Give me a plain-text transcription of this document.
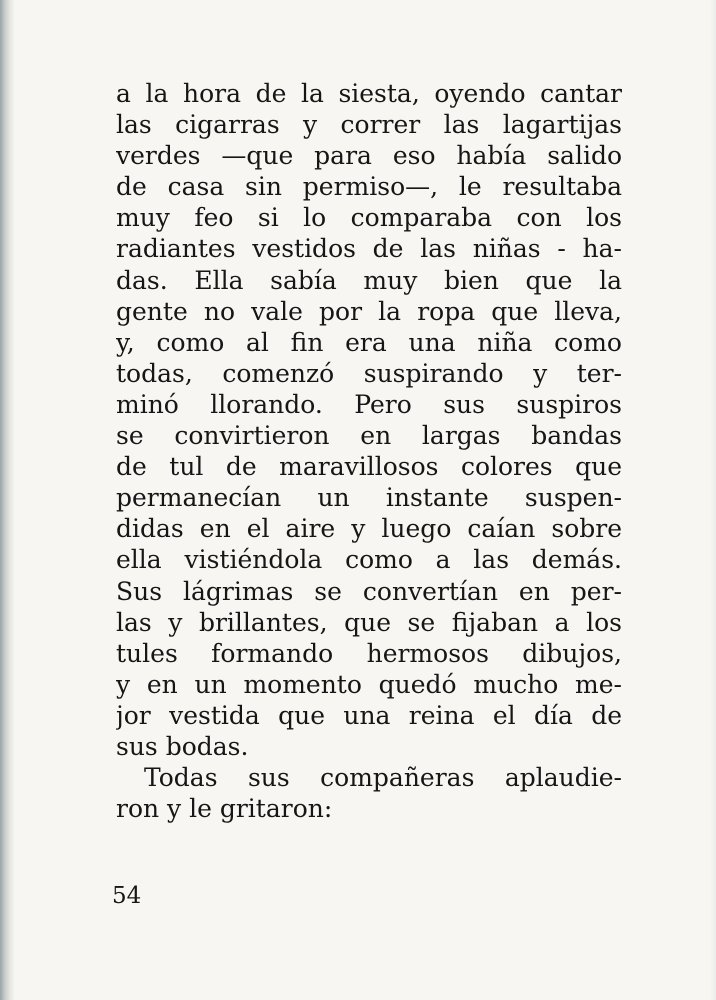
a la hora de la siesta, oyendo cantar
las cigarras y correr las lagartijas
verdes —que para eso había salido
de casa sin permiso—, le resultaba
muy feo si lo comparaba con los
radiantes vestidos de las niñas - ha-
das. Ella sabía muy bien que la
gente no vale por la ropa que lleva,
y, como al fin era una niña como
todas, comenzó suspirando y ter-
minó llorando. Pero sus suspiros
se convirtieron en largas bandas
de tul de maravillosos colores que
permanecían un instante suspen-
didas en el aire y luego caían sobre
ella vistiéndola como a las demás.
Sus lágrimas se convertían en per-
las y brillantes, que se fijaban a los
tules formando hermosos dibujos,
y en un momento quedó mucho me-
jor vestida que una reina el día de
sus bodas.
Todas sus compañeras aplaudie-
ron y le gritaron:

54
